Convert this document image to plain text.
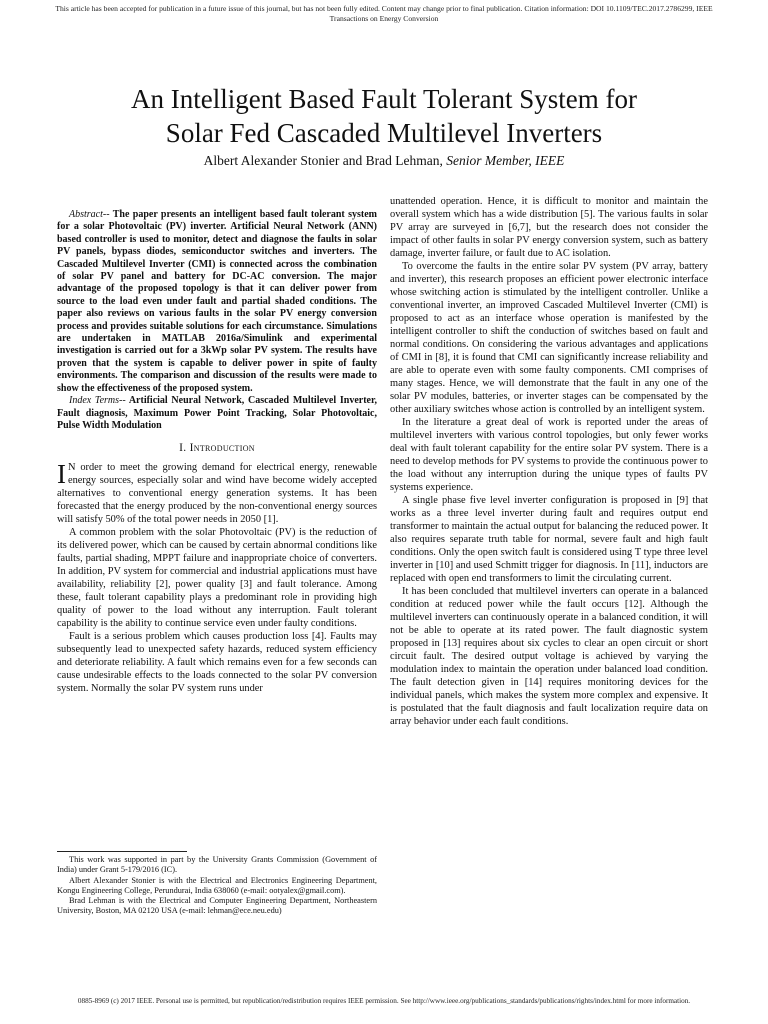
This article has been accepted for publication in a future issue of this journal, but has not been fully edited. Content may change prior to final publication. Citation information: DOI 10.1109/TEC.2017.2786299, IEEE
Transactions on Energy Conversion
An Intelligent Based Fault Tolerant System for
Solar Fed Cascaded Multilevel Inverters
Albert Alexander Stonier and Brad Lehman, Senior Member, IEEE

Abstract-- The paper presents an intelligent based fault tolerant system for a solar Photovoltaic (PV) inverter. Artificial Neural Network (ANN) based controller is used to monitor, detect and diagnose the faults in solar PV panels, bypass diodes, semiconductor switches and inverters. The Cascaded Multilevel Inverter (CMI) is connected across the combination of solar PV panel and battery for DC-AC conversion. The major advantage of the proposed topology is that it can deliver power from source to the load even under fault and partial shaded conditions. The paper also reviews on various faults in the solar PV energy conversion process and provides suitable solutions for each circumstance. Simulations are undertaken in MATLAB 2016a/Simulink and experimental investigation is carried out for a 3kWp solar PV system. The results have proven that the system is capable to deliver power in spite of faulty environments. The comparison and discussion of the results were made to show the effectiveness of the proposed system.

Index Terms-- Artificial Neural Network, Cascaded Multilevel Inverter, Fault diagnosis, Maximum Power Point Tracking, Solar Photovoltaic, Pulse Width Modulation

I. Introduction

I N order to meet the growing demand for electrical energy, renewable energy sources, especially solar and wind have become widely accepted alternatives to conventional energy generation systems. It has been forecasted that the energy produced by the non-conventional energy sources will satisfy 50% of the total power needs in 2050 [1].

A common problem with the solar Photovoltaic (PV) is the reduction of its delivered power, which can be caused by certain abnormal conditions like faults, partial shading, MPPT failure and inappropriate choice of converters. In addition, PV system for commercial and industrial applications must have availability, reliability [2], power quality [3] and fault tolerance. Among these, fault tolerant capability plays a predominant role in providing high quality of power to the load without any interruption. Fault tolerant capability is the ability to continue service even under faulty conditions.

Fault is a serious problem which causes production loss [4]. Faults may subsequently lead to unexpected safety hazards, reduced system efficiency and deteriorate reliability. A fault which remains even for a few seconds can cause undesirable effects to the loads connected to the solar PV conversion system. Normally the solar PV system runs under

This work was supported in part by the University Grants Commission (Government of India) under Grant 5-179/2016 (IC).

Albert Alexander Stonier is with the Electrical and Electronics Engineering Department, Kongu Engineering College, Perundurai, India 638060 (e-mail: ootyalex@gmail.com).

Brad Lehman is with the Electrical and Computer Engineering Department, Northeastern University, Boston, MA 02120 USA (e-mail: lehman@ece.neu.edu)

unattended operation. Hence, it is difficult to monitor and maintain the overall system which has a wide distribution [5]. The various faults in solar PV array are surveyed in [6,7], but the research does not consider the impact of other faults in solar PV energy conversion system, such as battery damage, inverter failure, or fault due to AC isolation.

To overcome the faults in the entire solar PV system (PV array, battery and inverter), this research proposes an efficient power electronic interface whose switching action is stimulated by the intelligent controller. Unlike a conventional inverter, an improved Cascaded Multilevel Inverter (CMI) is proposed to act as an interface whose operation is manifested by the intelligent controller to shift the conduction of switches based on fault and normal conditions. On considering the various advantages and applications of CMI in [8], it is found that CMI can significantly increase reliability and are able to operate even with some faulty components. CMI comprises of many stages. Hence, we will demonstrate that the fault in any one of the solar PV modules, batteries, or inverter stages can be compensated by the other auxiliary switches whose action is controlled by an intelligent system.

In the literature a great deal of work is reported under the areas of multilevel inverters with various control topologies, but only fewer works deal with fault tolerant capability for the entire solar PV system. There is a need to develop methods for PV systems to provide the continuous power to the load without any interruption during the unique types of faults PV systems experience.

A single phase five level inverter configuration is proposed in [9] that works as a three level inverter during fault and requires output end transformer to maintain the actual output for balancing the reduced power. It also requires separate truth table for normal, severe fault and high fault conditions. Only the open switch fault is considered using T type three level inverter in [10] and used Schmitt trigger for diagnosis. In [11], inductors are replaced with open end transformers to limit the circulating current.

It has been concluded that multilevel inverters can operate in a balanced condition at reduced power while the fault occurs [12]. Although the multilevel inverters can continuously operate in a balanced condition, it will not be able to operate at its rated power. The fault diagnostic system proposed in [13] requires about six cycles to clear an open circuit or short circuit fault. The desired output voltage is achieved by varying the modulation index to maintain the operation under balanced load condition. The fault detection given in [14] requires monitoring devices for the individual panels, which makes the system more complex and expensive. It is postulated that the fault diagnosis and fault localization require data on array behavior under each fault conditions.

0885-8969 (c) 2017 IEEE. Personal use is permitted, but republication/redistribution requires IEEE permission. See http://www.ieee.org/publications_standards/publications/rights/index.html for more information.
